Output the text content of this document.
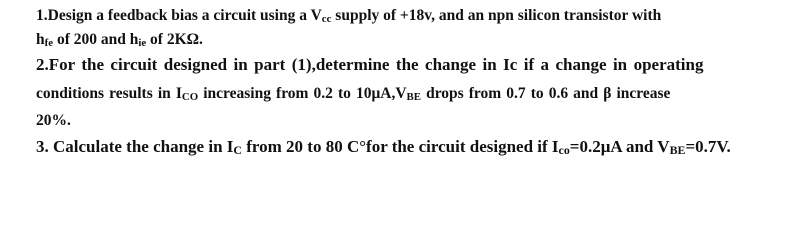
1.Design a feedback bias a circuit using a $V_{cc}$ supply of +18v, and an npn silicon transistor with
$h_{fe}$ of 200 and $h_{ie}$ of 2KΩ.
2.For the circuit designed in part (1),determine the change in Ic if a change in operating
conditions results in $I_{CO}$ increasing from 0.2 to $10\mu A,V_{BE}$ drops from 0.7 to 0.6 and β increase
20%.
3. Calculate the change in $I_C$ from 20 to 80 C°for the circuit designed if $I_{co}=0.2\mu A$ and $V_{BE}=0.7V$.
